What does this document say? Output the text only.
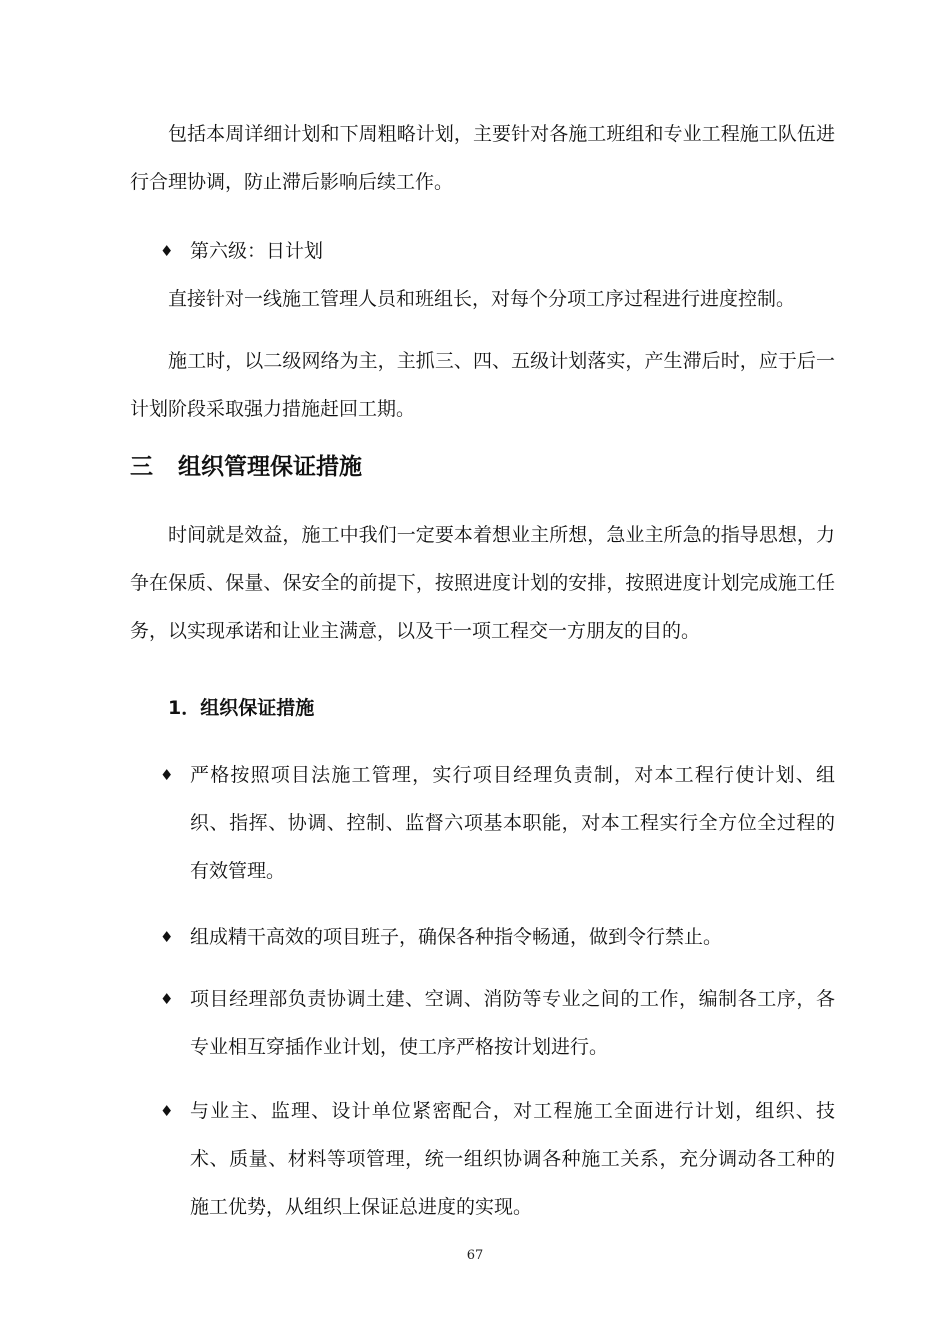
包括本周详细计划和下周粗略计划，主要针对各施工班组和专业工程施工队伍进行合理协调，防止滞后影响后续工作。

♦ 第六级：日计划

直接针对一线施工管理人员和班组长，对每个分项工序过程进行进度控制。

施工时，以二级网络为主，主抓三、四、五级计划落实，产生滞后时，应于后一计划阶段采取强力措施赶回工期。

三 组织管理保证措施

时间就是效益，施工中我们一定要本着想业主所想，急业主所急的指导思想，力争在保质、保量、保安全的前提下，按照进度计划的安排，按照进度计划完成施工任务，以实现承诺和让业主满意，以及干一项工程交一方朋友的目的。

1．组织保证措施
♦ 严格按照项目法施工管理，实行项目经理负责制，对本工程行使计划、组织、指挥、协调、控制、监督六项基本职能，对本工程实行全方位全过程的有效管理。
♦ 组成精干高效的项目班子，确保各种指令畅通，做到令行禁止。
♦ 项目经理部负责协调土建、空调、消防等专业之间的工作，编制各工序，各专业相互穿插作业计划，使工序严格按计划进行。
♦ 与业主、监理、设计单位紧密配合，对工程施工全面进行计划，组织、技术、质量、材料等项管理，统一组织协调各种施工关系，充分调动各工种的施工优势，从组织上保证总进度的实现。
67
